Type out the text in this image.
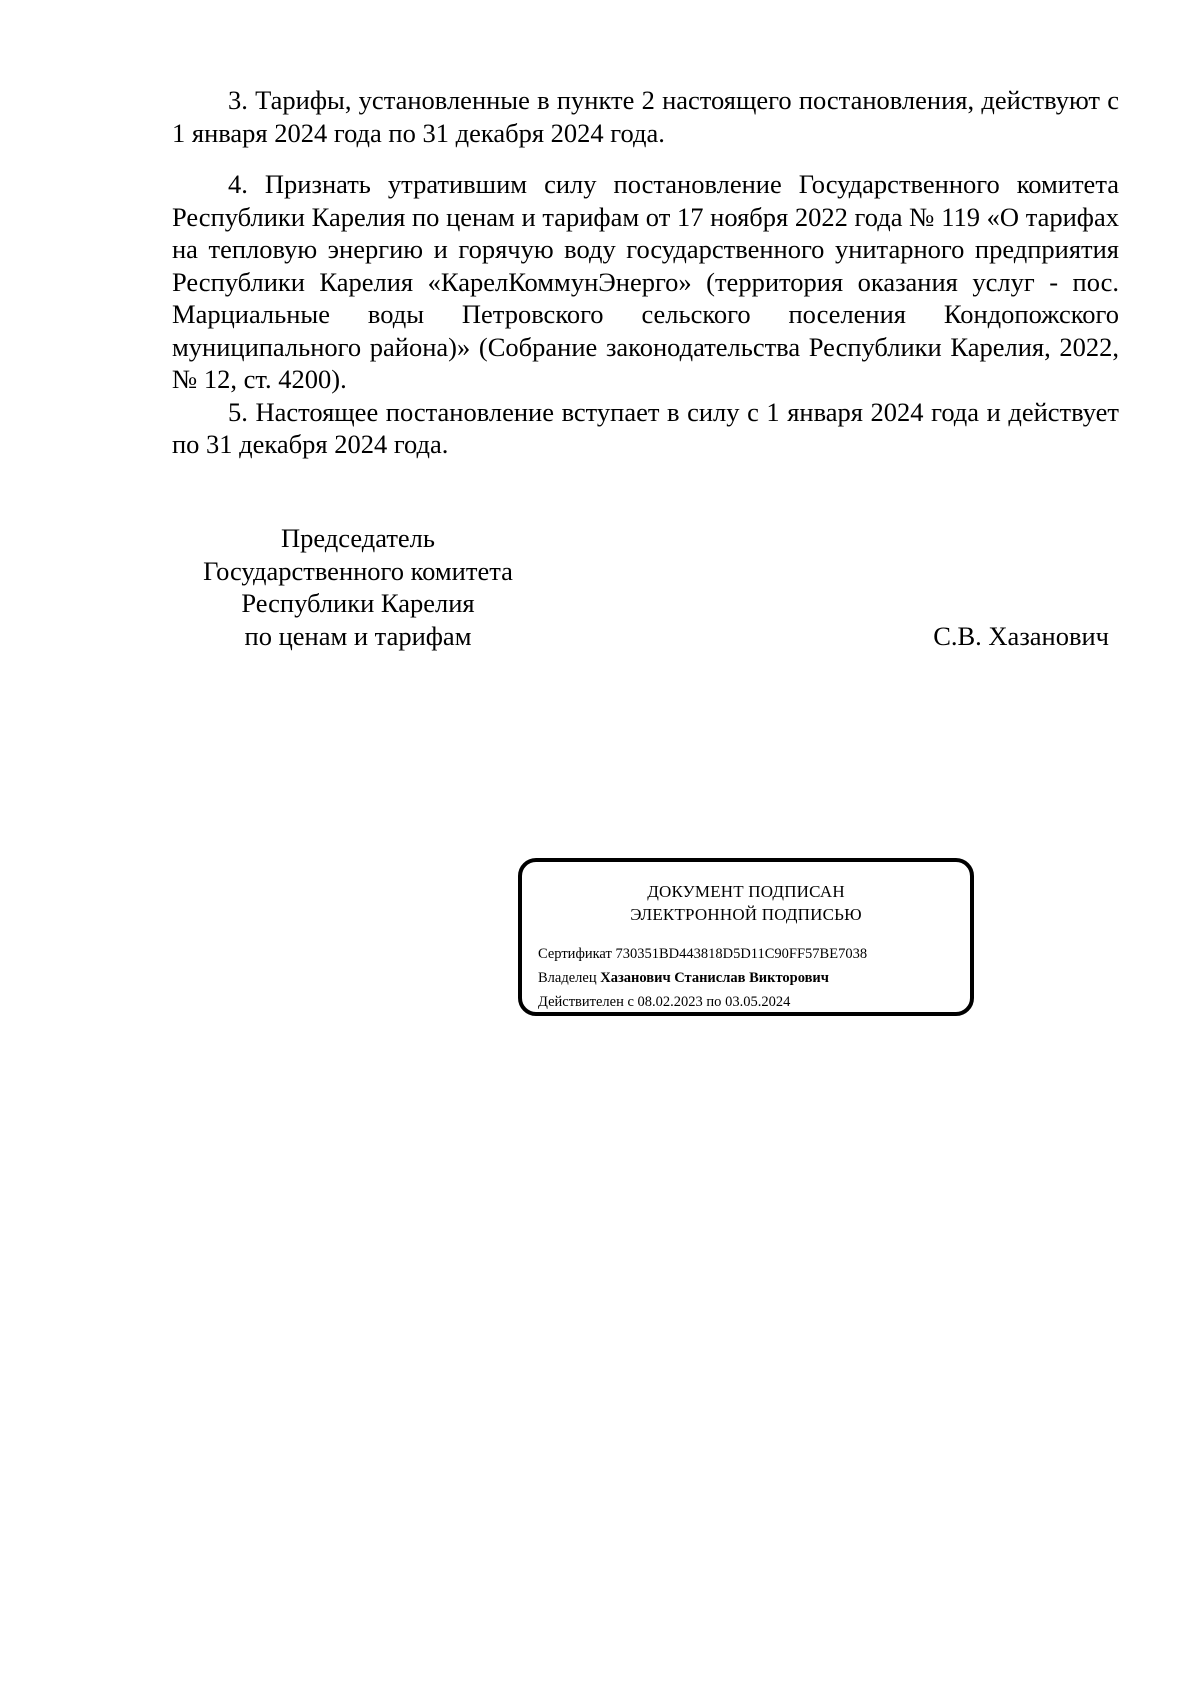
3. Тарифы, установленные в пункте 2 настоящего постановления, действуют с 1 января 2024 года по 31 декабря 2024 года.

4. Признать утратившим силу постановление Государственного комитета Республики Карелия по ценам и тарифам от 17 ноября 2022 года № 119 «О тарифах на тепловую энергию и горячую воду государственного унитарного предприятия Республики Карелия «КарелКоммунЭнерго» (территория оказания услуг - пос. Марциальные воды Петровского сельского поселения Кондопожского муниципального района)» (Собрание законодательства Республики Карелия, 2022, № 12, ст. 4200).

5. Настоящее постановление вступает в силу с 1 января 2024 года и действует по 31 декабря 2024 года.

Председатель
Государственного комитета
Республики Карелия
по ценам и тарифам	С.В. Хазанович
ДОКУМЕНТ ПОДПИСАН
ЭЛЕКТРОННОЙ ПОДПИСЬЮ
Сертификат 730351BD443818D5D11C90FF57BE7038
Владелец Хазанович Станислав Викторович
Действителен с 08.02.2023 по 03.05.2024
